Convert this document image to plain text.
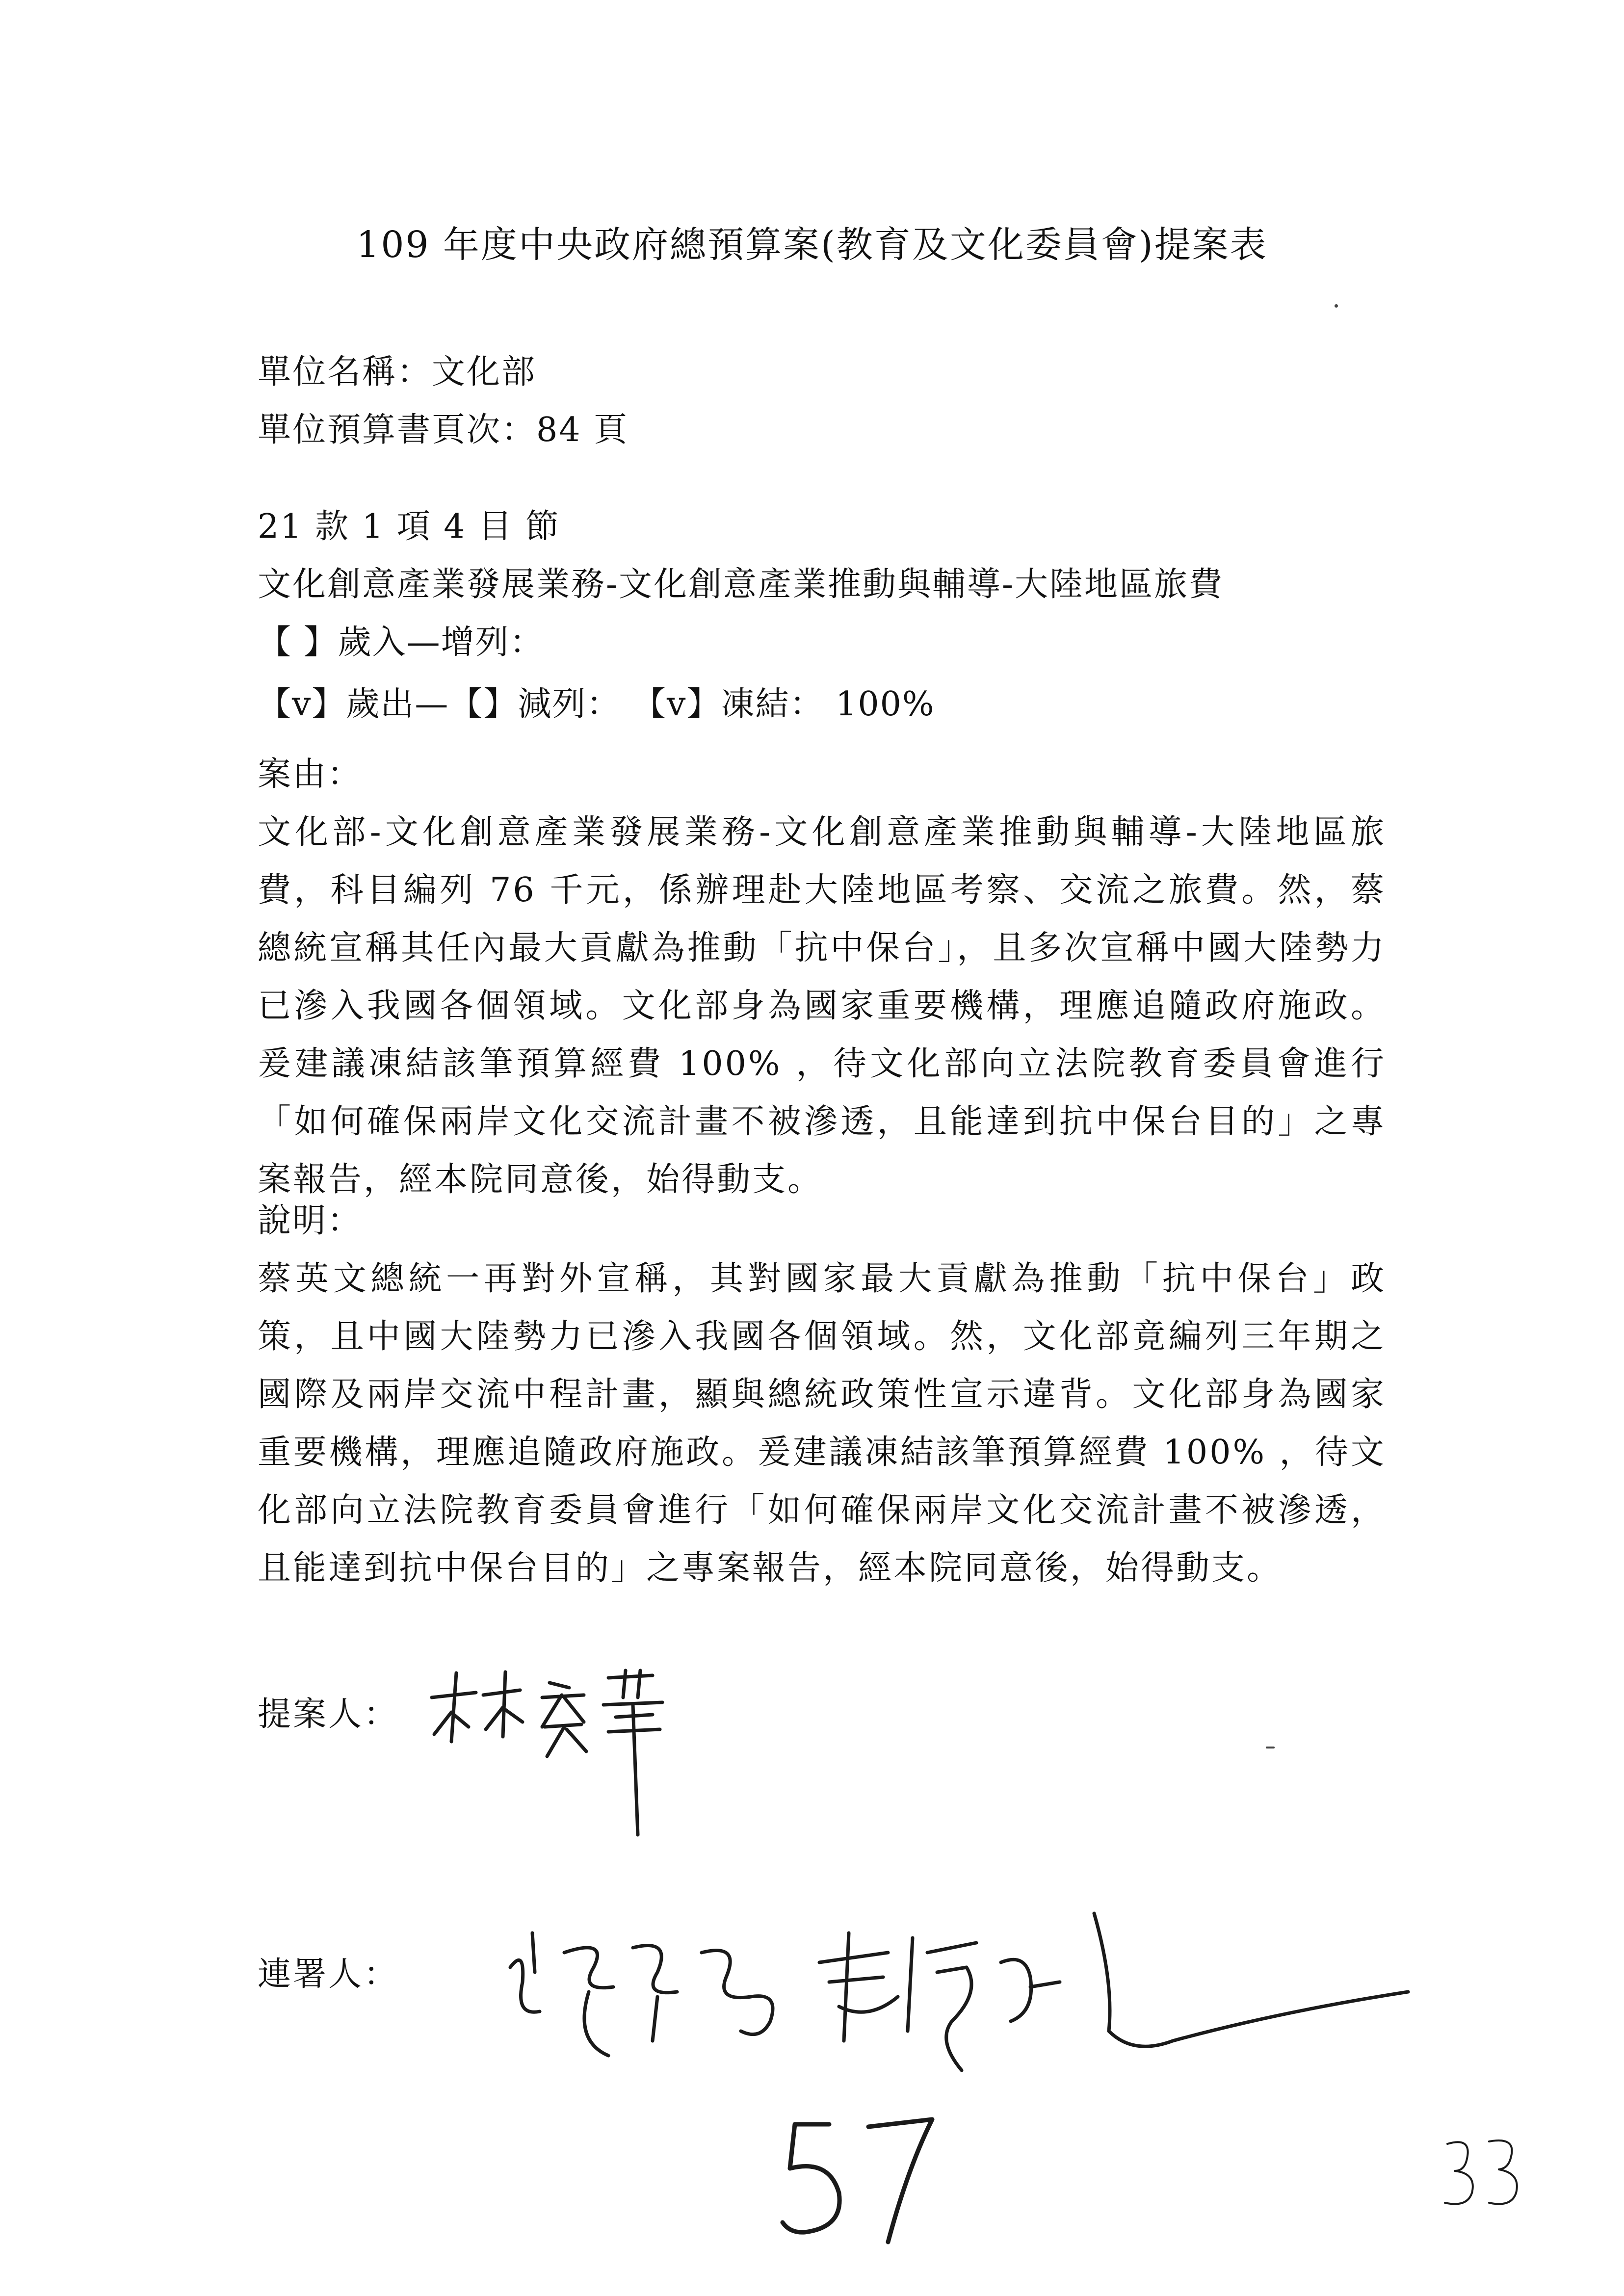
109 年度中央政府總預算案(教育及文化委員會)提案表
單位名稱：文化部
單位預算書頁次：84 頁
21 款 1 項 4 目 節
文化創意產業發展業務-文化創意產業推動與輔導-大陸地區旅費
【 】歲入—增列：
【v】歲出—【】減列： 【v】凍結： 100%
案由：
文化部-文化創意產業發展業務-文化創意產業推動與輔導-大陸地區旅費，科目編列 76 千元，係辦理赴大陸地區考察、交流之旅費。然，蔡總統宣稱其任內最大貢獻為推動「抗中保台」，且多次宣稱中國大陸勢力已滲入我國各個領域。文化部身為國家重要機構，理應追隨政府施政。爰建議凍結該筆預算經費 100% ，待文化部向立法院教育委員會進行「如何確保兩岸文化交流計畫不被滲透，且能達到抗中保台目的」之專案報告，經本院同意後，始得動支。
說明：
蔡英文總統一再對外宣稱，其對國家最大貢獻為推動「抗中保台」政策，且中國大陸勢力已滲入我國各個領域。然，文化部竟編列三年期之國際及兩岸交流中程計畫，顯與總統政策性宣示違背。文化部身為國家重要機構，理應追隨政府施政。爰建議凍結該筆預算經費 100% ，待文化部向立法院教育委員會進行「如何確保兩岸文化交流計畫不被滲透，且能達到抗中保台目的」之專案報告，經本院同意後，始得動支。
提案人：
連署人：
